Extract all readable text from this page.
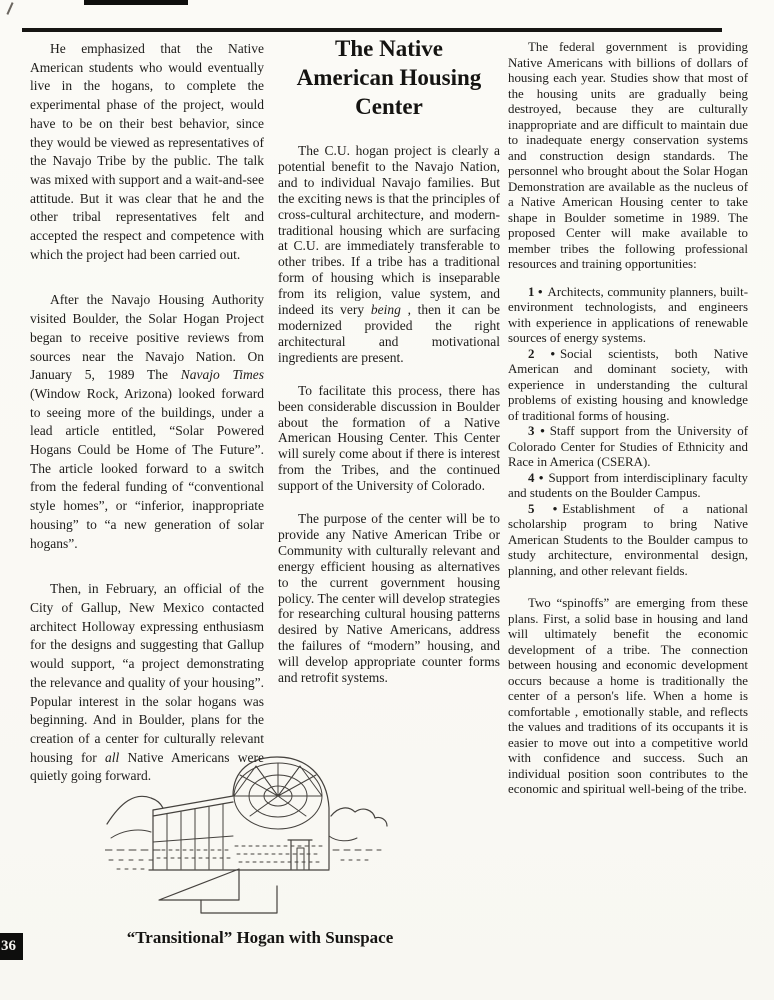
He emphasized that the Native American students who would eventually live in the hogans, to complete the experimental phase of the project, would have to be on their best behavior, since they would be viewed as representatives of the Navajo Tribe by the public. The talk was mixed with support and a wait-and-see attitude. But it was clear that he and the other tribal representatives felt and accepted the respect and competence with which the project had been carried out.

After the Navajo Housing Authority visited Boulder, the Solar Hogan Project began to receive positive reviews from sources near the Navajo Nation. On January 5, 1989 The Navajo Times (Window Rock, Arizona) looked forward to seeing more of the buildings, under a lead article entitled, “Solar Powered Hogans Could be Home of The Future”. The article looked forward to a switch from the federal funding of “conventional style homes”, or “inferior, inappropriate housing” to “a new generation of solar hogans”.

Then, in February, an official of the City of Gallup, New Mexico contacted architect Holloway expressing enthusiasm for the designs and suggesting that Gallup would support, “a project demonstrating the relevance and quality of your housing”. Popular interest in the solar hogans was beginning. And in Boulder, plans for the creation of a center for culturally relevant housing for all Native Americans were quietly going forward.

The Native American Housing Center

The C.U. hogan project is clearly a potential benefit to the Navajo Nation, and to individual Navajo families. But the exciting news is that the principles of cross-cultural architecture, and modern-traditional housing which are surfacing at C.U. are immediately transferable to other tribes. If a tribe has a traditional form of housing which is inseparable from its religion, value system, and indeed its very being , then it can be modernized provided the right architectural and motivational ingredients are present.

To facilitate this process, there has been considerable discussion in Boulder about the formation of a Native American Housing Center. This Center will surely come about if there is interest from the Tribes, and the continued support of the University of Colorado.

The purpose of the center will be to provide any Native American Tribe or Community with culturally relevant and energy efficient housing as alternatives to the current government housing policy. The center will develop strategies for researching cultural housing patterns desired by Native Americans, address the failures of “modern” housing, and will develop appropriate counter forms and retrofit systems.

The federal government is providing Native Americans with billions of dollars of housing each year. Studies show that most of the housing units are gradually being destroyed, because they are culturally inappropriate and are difficult to maintain due to inadequate energy conservation systems and construction design standards. The personnel who brought about the Solar Hogan Demonstration are available as the nucleus of a Native American Housing center to take shape in Boulder sometime in 1989. The proposed Center will make available to member tribes the following professional resources and training opportunities:

1 • Architects, community planners, built-environment technologists, and engineers with experience in applications of renewable sources of energy systems.

2 • Social scientists, both Native American and dominant society, with experience in understanding the cultural problems of existing housing and knowledge of traditional forms of housing.

3 • Staff support from the University of Colorado Center for Studies of Ethnicity and Race in America (CSERA).

4 • Support from interdisciplinary faculty and students on the Boulder Campus.

5 • Establishment of a national scholarship program to bring Native American Students to the Boulder campus to study architecture, environmental design, planning, and other relevant fields.

Two “spinoffs” are emerging from these plans. First, a solid base in housing and land will ultimately benefit the economic development of a tribe. The connection between housing and economic development occurs because a home is traditionally the center of a person's life. When a home is comfortable , emotionally stable, and reflects the values and traditions of its occupants it is easier to move out into a competitive world with confidence and success. Such an individual position soon contributes to the economic and spiritual well-being of the tribe.

“Transitional” Hogan with Sunspace
36
